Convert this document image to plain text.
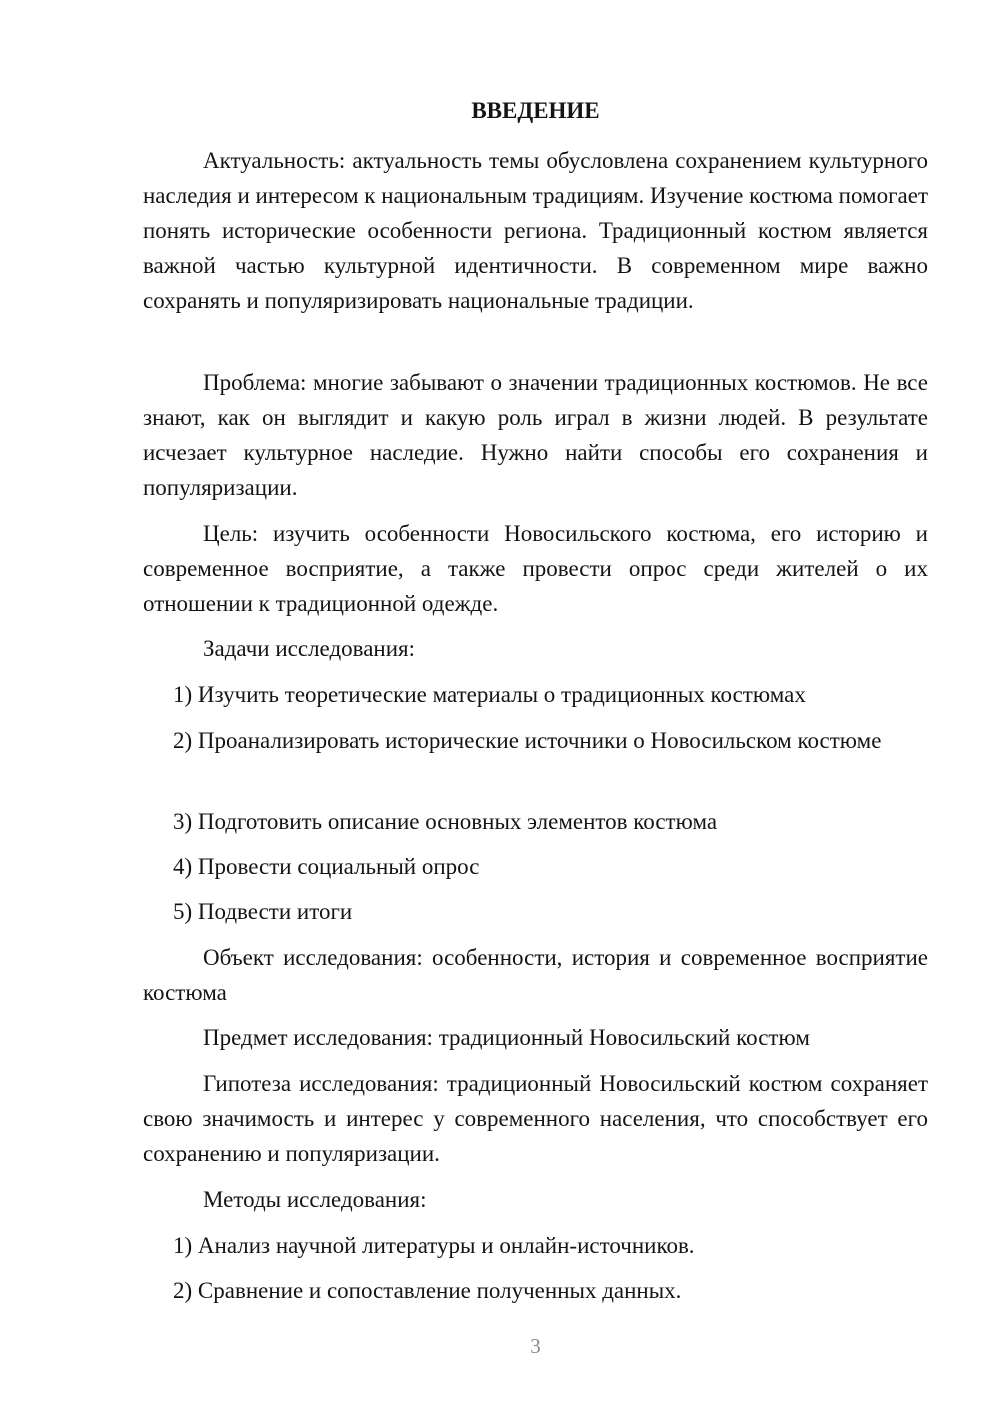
ВВЕДЕНИЕ

Актуальность: актуальность темы обусловлена сохранением культурного наследия и интересом к национальным традициям. Изучение костюма помогает понять исторические особенности региона. Традиционный костюм является важной частью культурной идентичности. В современном мире важно сохранять и популяризировать национальные традиции.

Проблема: многие забывают о значении традиционных костюмов. Не все знают, как он выглядит и какую роль играл в жизни людей. В результате исчезает культурное наследие. Нужно найти способы его сохранения и популяризации.

Цель: изучить особенности Новосильского костюма, его историю и современное восприятие, а также провести опрос среди жителей о их отношении к традиционной одежде.

Задачи исследования:

1) Изучить теоретические материалы о традиционных костюмах

2) Проанализировать исторические источники о Новосильском костюме

3) Подготовить описание основных элементов костюма

4) Провести социальный опрос

5) Подвести итоги

Объект исследования: особенности, история и современное восприятие костюма

Предмет исследования: традиционный Новосильский костюм

Гипотеза исследования: традиционный Новосильский костюм сохраняет свою значимость и интерес у современного населения, что способствует его сохранению и популяризации.

Методы исследования:

1) Анализ научной литературы и онлайн-источников.

2) Сравнение и сопоставление полученных данных.

3
